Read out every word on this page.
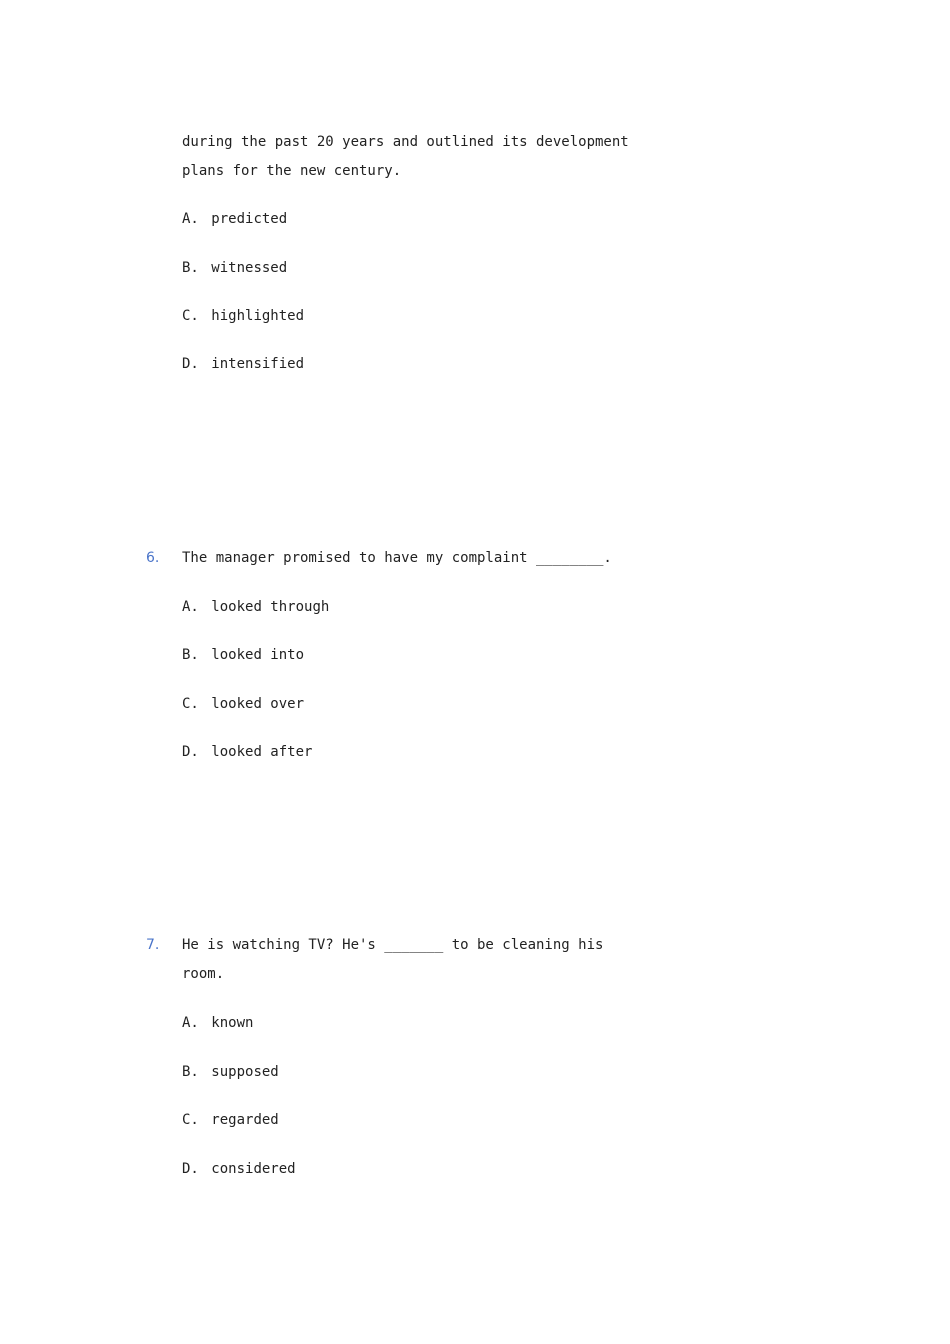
during the past 20 years and outlined its development
plans for the new century.
A. predicted
B. witnessed
C. highlighted
D. intensified
6. The manager promised to have my complaint ________.
A. looked through
B. looked into
C. looked over
D. looked after
7. He is watching TV? He's _______ to be cleaning his
room.
A. known
B. supposed
C. regarded
D. considered
